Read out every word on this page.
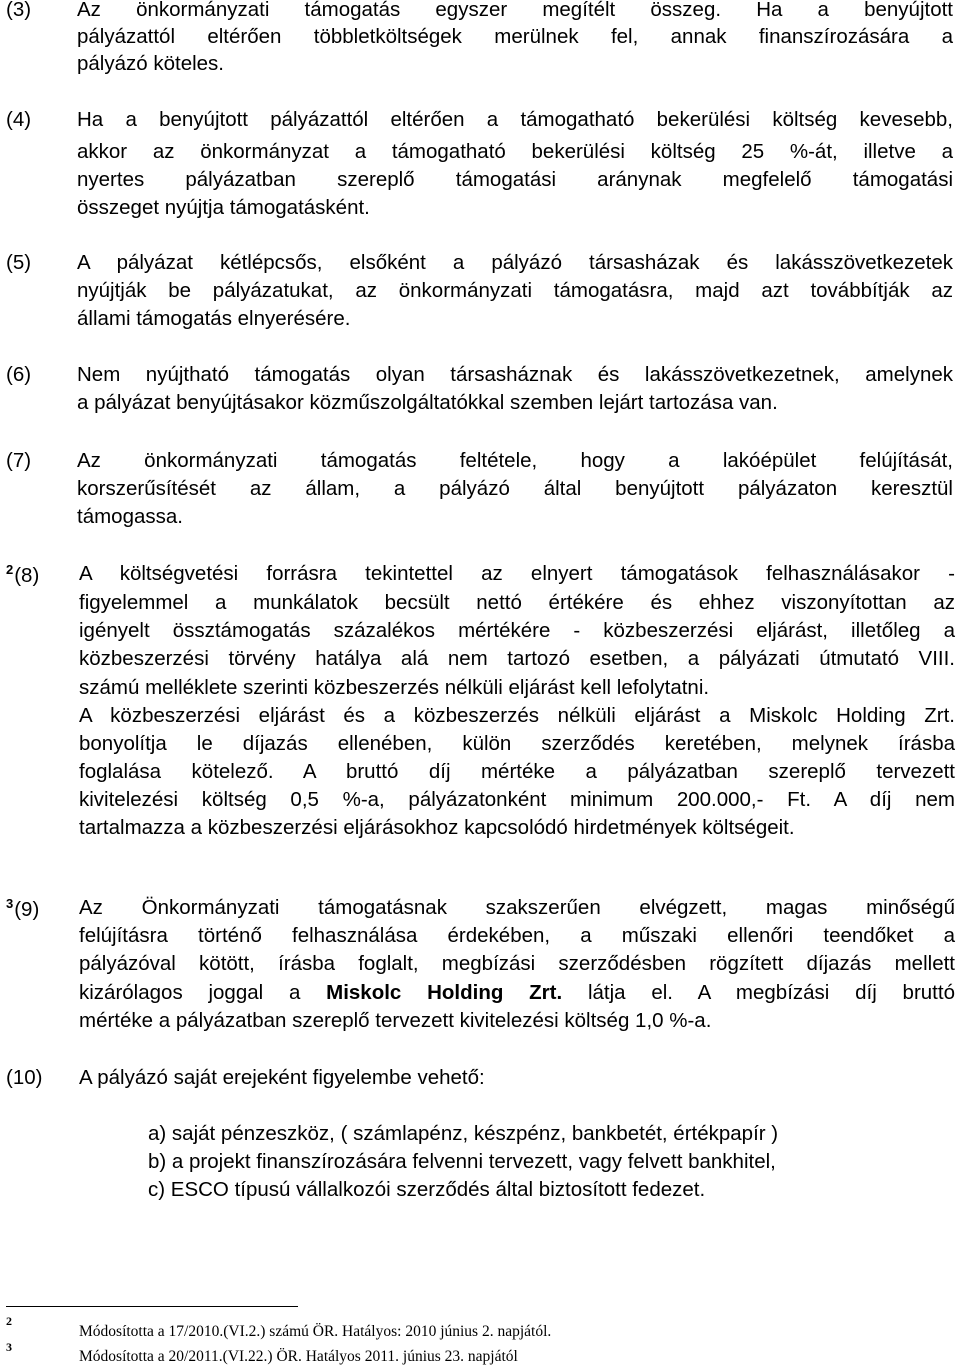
(3) Az önkormányzati támogatás egyszer megítélt összeg. Ha a benyújtott
pályázattól eltérően többletköltségek merülnek fel, annak finanszírozására a
pályázó köteles.
(4) Ha a benyújtott pályázattól eltérően a támogatható bekerülési költség kevesebb,
akkor az önkormányzat a támogatható bekerülési költség 25 %-át, illetve a
nyertes pályázatban szereplő támogatási aránynak megfelelő támogatási
összeget nyújtja támogatásként.
(5) A pályázat kétlépcsős, elsőként a pályázó társasházak és lakásszövetkezetek
nyújtják be pályázatukat, az önkormányzati támogatásra, majd azt továbbítják az
állami támogatás elnyerésére.
(6) Nem nyújtható támogatás olyan társasháznak és lakásszövetkezetnek, amelynek
a pályázat benyújtásakor közműszolgáltatókkal szemben lejárt tartozása van.
(7) Az önkormányzati támogatás feltétele, hogy a lakóépület felújítását,
korszerűsítését az állam, a pályázó által benyújtott pályázaton keresztül
támogassa.
$^2$(8) A költségvetési forrásra tekintettel az elnyert támogatások felhasználásakor -
figyelemmel a munkálatok becsült nettó értékére és ehhez viszonyítottan az
igényelt össztámogatás százalékos mértékére - közbeszerzési eljárást, illetőleg a
közbeszerzési törvény hatálya alá nem tartozó esetben, a pályázati útmutató VIII.
számú melléklete szerinti közbeszerzés nélküli eljárást kell lefolytatni.
A közbeszerzési eljárást és a közbeszerzés nélküli eljárást a Miskolc Holding Zrt.
bonyolítja le díjazás ellenében, külön szerződés keretében, melynek írásba
foglalása kötelező. A bruttó díj mértéke a pályázatban szereplő tervezett
kivitelezési költség 0,5 %-a, pályázatonként minimum 200.000,- Ft. A díj nem
tartalmazza a közbeszerzési eljárásokhoz kapcsolódó hirdetmények költségeit.
$^3$(9) Az Önkormányzati támogatásnak szakszerűen elvégzett, magas minőségű
felújításra történő felhasználása érdekében, a műszaki ellenőri teendőket a
pályázóval kötött, írásba foglalt, megbízási szerződésben rögzített díjazás mellett
kizárólagos joggal a Miskolc Holding Zrt. látja el. A megbízási díj bruttó
mértéke a pályázatban szereplő tervezett kivitelezési költség 1,0 %-a.
(10) A pályázó saját erejeként figyelembe vehető:
a) saját pénzeszköz, ( számlapénz, készpénz, bankbetét, értékpapír )
b) a projekt finanszírozására felvenni tervezett, vagy felvett bankhitel,
c) ESCO típusú vállalkozói szerződés által biztosított fedezet.
2
Módosította a 17/2010.(VI.2.) számú ÖR. Hatályos: 2010 június 2. napjától.
3
Módosította a 20/2011.(VI.22.) ÖR. Hatályos 2011. június 23. napjától
